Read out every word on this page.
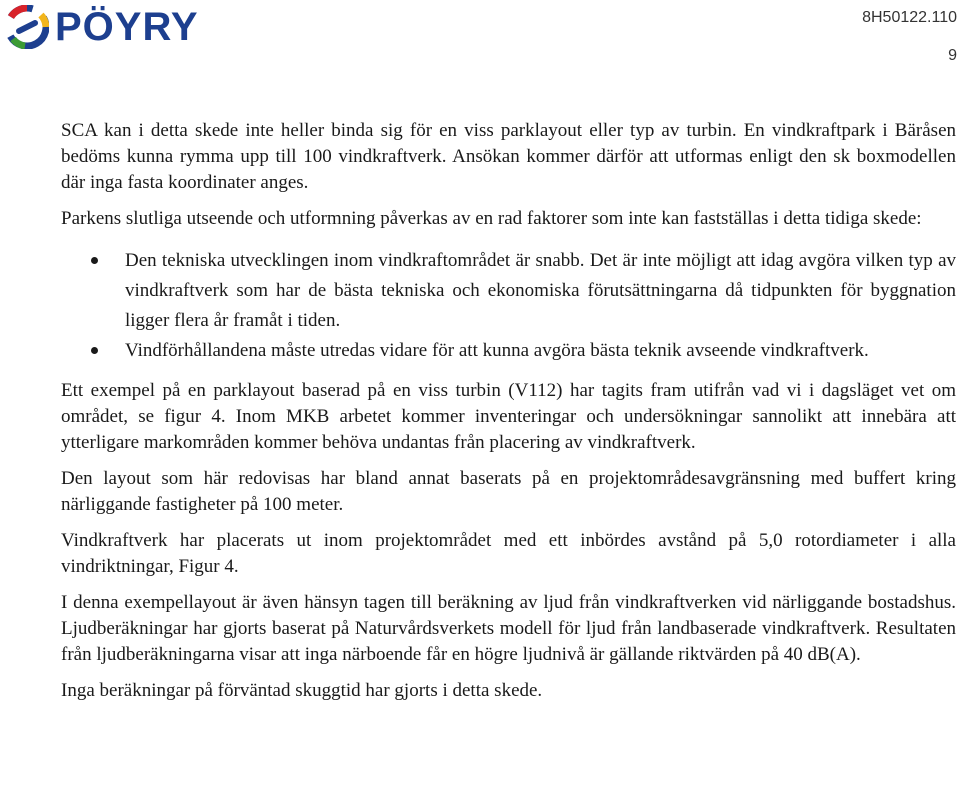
PÖYRY	8H50122.110
9

SCA kan i detta skede inte heller binda sig för en viss parklayout eller typ av turbin. En vindkraftpark i Bäråsen bedöms kunna rymma upp till 100 vindkraftverk. Ansökan kommer därför att utformas enligt den sk boxmodellen där inga fasta koordinater anges.

Parkens slutliga utseende och utformning påverkas av en rad faktorer som inte kan fastställas i detta tidiga skede:

Den tekniska utvecklingen inom vindkraftområdet är snabb. Det är inte möjligt att idag avgöra vilken typ av vindkraftverk som har de bästa tekniska och ekonomiska förutsättningarna då tidpunkten för byggnation ligger flera år framåt i tiden.
Vindförhållandena måste utredas vidare för att kunna avgöra bästa teknik avseende vindkraftverk.

Ett exempel på en parklayout baserad på en viss turbin (V112) har tagits fram utifrån vad vi i dagsläget vet om området, se figur 4. Inom MKB arbetet kommer inventeringar och undersökningar sannolikt att innebära att ytterligare markområden kommer behöva undantas från placering av vindkraftverk.

Den layout som här redovisas har bland annat baserats på en projektområdesavgränsning med buffert kring närliggande fastigheter på 100 meter.

Vindkraftverk har placerats ut inom projektområdet med ett inbördes avstånd på 5,0 rotordiameter i alla vindriktningar, Figur 4.

I denna exempellayout är även hänsyn tagen till beräkning av ljud från vindkraftverken vid närliggande bostadshus. Ljudberäkningar har gjorts baserat på Naturvårdsverkets modell för ljud från landbaserade vindkraftverk. Resultaten från ljudberäkningarna visar att inga närboende får en högre ljudnivå är gällande riktvärden på 40 dB(A).

Inga beräkningar på förväntad skuggtid har gjorts i detta skede.
